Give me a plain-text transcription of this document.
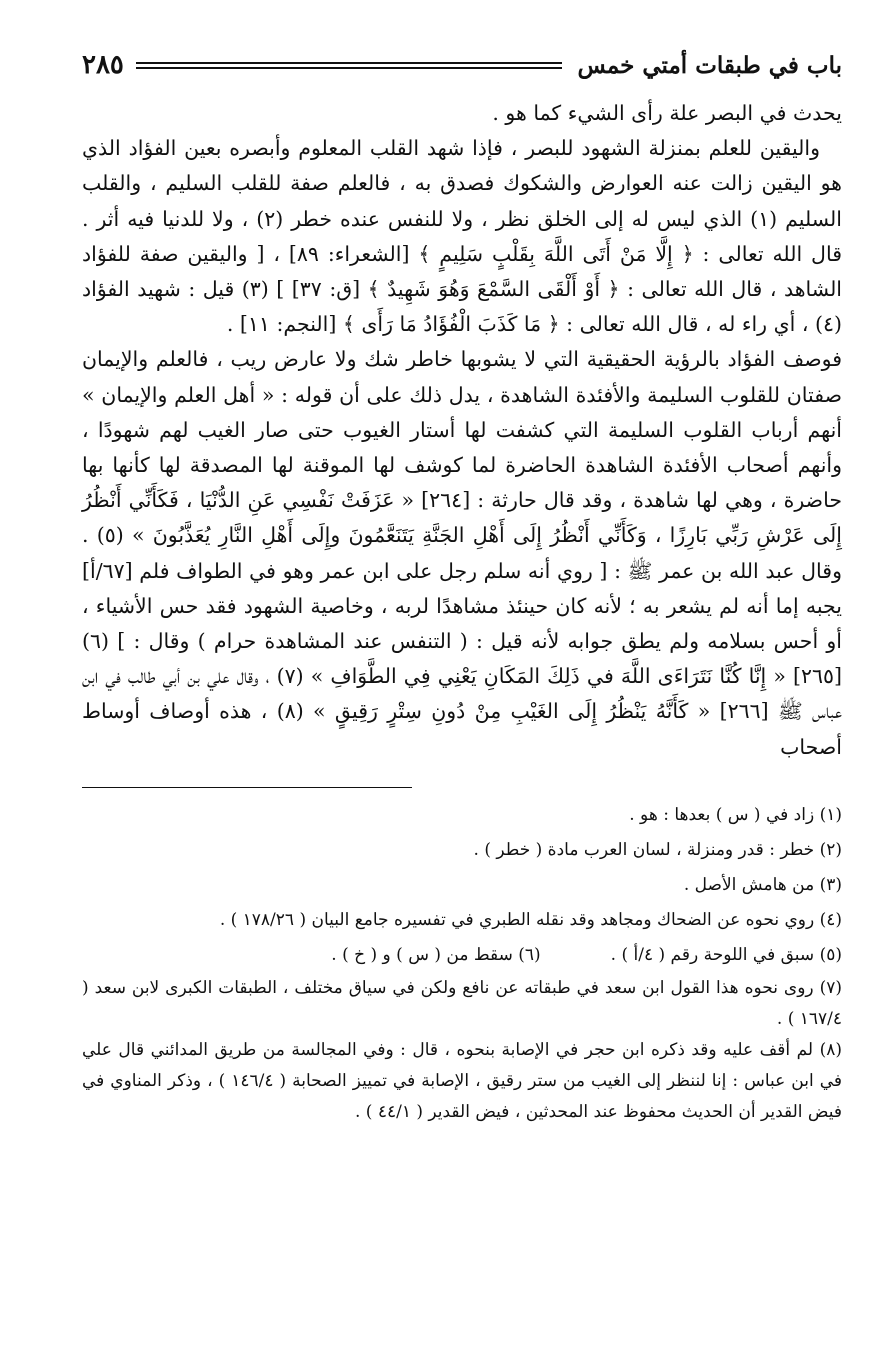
باب في طبقات أمتي خمس
٢٨٥

يحدث في البصر علة رأى الشيء كما هو .

واليقين للعلم بمنزلة الشهود للبصر ، فإذا شهد القلب المعلوم وأبصره بعين الفؤاد الذي هو اليقين زالت عنه العوارض والشكوك فصدق به ، فالعلم صفة للقلب السليم ، والقلب السليم (١) الذي ليس له إلى الخلق نظر ، ولا للنفس عنده خطر (٢) ، ولا للدنيا فيه أثر . قال الله تعالى : ﴿ إِلَّا مَنْ أَتَى اللَّهَ بِقَلْبٍ سَلِيمٍ ﴾ [الشعراء: ٨٩] ، [ واليقين صفة للفؤاد الشاهد ، قال الله تعالى : ﴿ أَوْ أَلْقَى السَّمْعَ وَهُوَ شَهِيدٌ ﴾ [ق: ٣٧] ] (٣) قيل : شهيد الفؤاد (٤) ، أي راء له ، قال الله تعالى : ﴿ مَا كَذَبَ الْفُؤَادُ مَا رَأَى ﴾ [النجم: ١١] .

فوصف الفؤاد بالرؤية الحقيقية التي لا يشوبها خاطر شك ولا عارض ريب ، فالعلم والإيمان صفتان للقلوب السليمة والأفئدة الشاهدة ، يدل ذلك على أن قوله : « أهل العلم والإيمان » أنهم أرباب القلوب السليمة التي كشفت لها أستار الغيوب حتى صار الغيب لهم شهودًا ، وأنهم أصحاب الأفئدة الشاهدة الحاضرة لما كوشف لها الموقنة لها المصدقة لها كأنها بها حاضرة ، وهي لها شاهدة ، وقد قال حارثة : [٢٦٤] « عَزَفَتْ نَفْسِي عَنِ الدُّنْيَا ، فَكَأَنِّي أَنْظُرُ إِلَى عَرْشِ رَبِّي بَارِزًا ، وَكَأَنِّي أَنْظُرُ إِلَى أَهْلِ الجَنَّةِ يَتَنَعَّمُونَ وإِلَى أَهْلِ النَّارِ يُعَذَّبُونَ » (٥) . وقال عبد الله بن عمر ﷺ : [ روي أنه سلم رجل على ابن عمر وهو في الطواف فلم [٦٧/أ] يجبه إما أنه لم يشعر به ؛ لأنه كان حينئذ مشاهدًا لربه ، وخاصية الشهود فقد حس الأشياء ، أو أحس بسلامه ولم يطق جوابه لأنه قيل : ( التنفس عند المشاهدة حرام ) وقال : ] (٦) [٢٦٥] « إِنَّا كُنَّا نَتَرَاءَى اللَّهَ في ذَلِكَ المَكَانِ يَعْنِي فِي الطَّوَافِ » (٧) ، وقال علي بن أبي طالب في ابن عباس ﷺ [٢٦٦] « كَأَنَّهُ يَنْظُرُ إِلَى الغَيْبِ مِنْ دُونِ سِتْرٍ رَقِيقٍ » (٨) ، هذه أوصاف أوساط أصحاب

(١) زاد في ( س ) بعدها : هو .

(٢) خطر : قدر ومنزلة ، لسان العرب مادة ( خطر ) .

(٣) من هامش الأصل .

(٤) روي نحوه عن الضحاك ومجاهد وقد نقله الطبري في تفسيره جامع البيان ( ١٧٨/٢٦ ) .

(٥) سبق في اللوحة رقم ( ٤/أ ) .
(٦) سقط من ( س ) و ( خ ) .

(٧) روى نحوه هذا القول ابن سعد في طبقاته عن نافع ولكن في سياق مختلف ، الطبقات الكبرى لابن سعد ( ١٦٧/٤ ) .

(٨) لم أقف عليه وقد ذكره ابن حجر في الإصابة بنحوه ، قال : وفي المجالسة من طريق المدائني قال علي في ابن عباس : إنا لننظر إلى الغيب من ستر رقيق ، الإصابة في تمييز الصحابة ( ١٤٦/٤ ) ، وذكر المناوي في فيض القدير أن الحديث محفوظ عند المحدثين ، فيض القدير ( ٤٤/١ ) .
